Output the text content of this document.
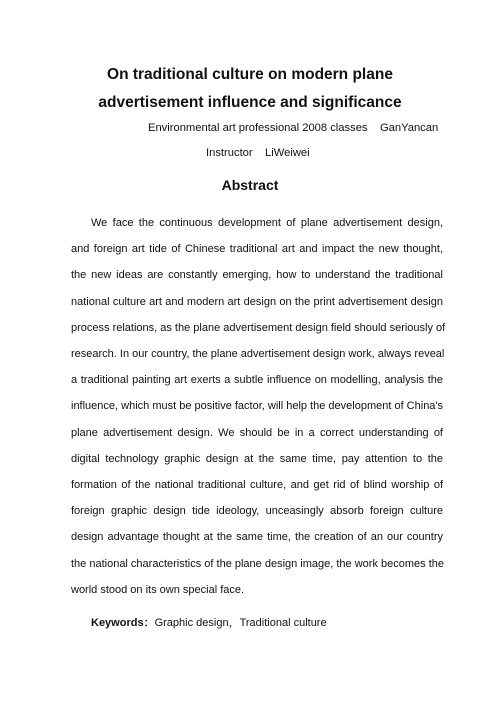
On traditional culture on modern plane advertisement influence and significance

Environmental art professional 2008 classes    GanYancan

Instructor    LiWeiwei

Abstract
We face the continuous development of plane advertisement design,
and foreign art tide of Chinese traditional art and impact the new thought,
the new ideas are constantly emerging, how to understand the traditional
national culture art and modern art design on the print advertisement design
process relations, as the plane advertisement design field should seriously of
research. In our country, the plane advertisement design work, always reveal
a traditional painting art exerts a subtle influence on modelling, analysis the
influence, which must be positive factor, will help the development of China's
plane advertisement design. We should be in a correct understanding of
digital technology graphic design at the same time, pay attention to the
formation of the national traditional culture, and get rid of blind worship of
foreign graphic design tide ideology, unceasingly absorb foreign culture
design advantage thought at the same time, the creation of an our country
the national characteristics of the plane design image, the work becomes the
world stood on its own special face.

Keywords：Graphic design，Traditional culture
